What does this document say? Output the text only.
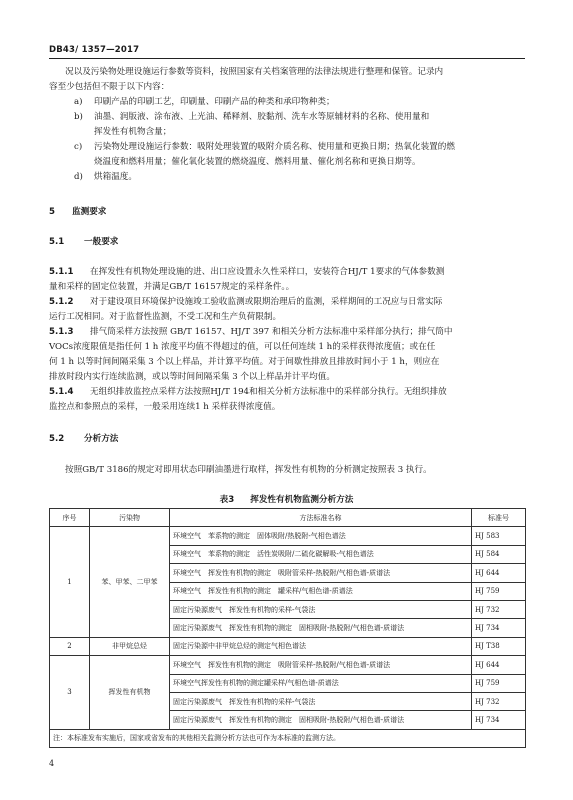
DB43/ 1357—2017
况以及污染物处理设施运行参数等资料，按照国家有关档案管理的法律法规进行整理和保管。记录内
容至少包括但不限于以下内容：
a) 印刷产品的印刷工艺，印刷量、印刷产品的种类和承印物种类；
b) 油墨、润版液、涂布液、上光油、稀释剂、胶黏剂、洗车水等原辅材料的名称、使用量和
挥发性有机物含量；
c) 污染物处理设施运行参数：吸附处理装置的吸附介质名称、使用量和更换日期；热氧化装置的燃
烧温度和燃料用量；催化氧化装置的燃烧温度、燃料用量、催化剂名称和更换日期等。
d) 烘箱温度。
5 监测要求
5.1 一般要求
5.1.1 在挥发性有机物处理设施的进、出口应设置永久性采样口，安装符合HJ/T 1要求的气体参数测
量和采样的固定位装置，并满足GB/T 16157规定的采样条件。。
5.1.2 对于建设项目环境保护设施竣工验收监测或限期治理后的监测，采样期间的工况应与日常实际
运行工况相同。对于监督性监测，不受工况和生产负荷限制。
5.1.3 排气筒采样方法按照 GB/T 16157、HJ/T 397 和相关分析方法标准中采样部分执行；排气筒中
VOCs浓度限值是指任何 1 h 浓度平均值不得超过的值，可以任何连续 1 h的采样获得浓度值；或在任
何 1 h 以等时间间隔采集 3 个以上样品，并计算平均值。对于间歇性排放且排放时间小于 1 h，则应在
排放时段内实行连续监测，或以等时间间隔采集 3 个以上样品并计平均值。
5.1.4 无组织排放监控点采样方法按照HJ/T 194和相关分析方法标准中的采样部分执行。无组织排放
监控点和参照点的采样，一般采用连续1 h 采样获得浓度值。
5.2 分析方法
按照GB/T 3186的规定对即用状态印刷油墨进行取样，挥发性有机物的分析测定按照表 3 执行。
表3 挥发性有机物监测分析方法
序号	污染物	方法标准名称	标准号
1	苯、甲苯、二甲苯	环境空气　苯系物的测定　固体吸附/热脱附-气相色谱法	HJ 583
		环境空气　苯系物的测定　活性炭吸附/二硫化碳解吸-气相色谱法	HJ 584
		环境空气　挥发性有机物的测定　吸附管采样-热脱附/气相色谱-质谱法	HJ 644
		环境空气　挥发性有机物的测定　罐采样/气相色谱-质谱法	HJ 759
		固定污染源废气　挥发性有机物的采样-气袋法	HJ 732
		固定污染源废气　挥发性有机物的测定　固相吸附-热脱附/气相色谱-质谱法	HJ 734
2	非甲烷总烃	固定污染源中非甲烷总烃的测定气相色谱法	HJ T38
3	挥发性有机物	环境空气　挥发性有机物的测定　吸附管采样-热脱附/气相色谱-质谱法	HJ 644
		环境空气挥发性有机物的测定罐采样/气相色谱-质谱法	HJ 759
		固定污染源废气　挥发性有机物的采样-气袋法	HJ 732
		固定污染源废气　挥发性有机物的测定　固相吸附-热脱附/气相色谱-质谱法	HJ 734
注：本标准发布实施后，国家或省发布的其他相关监测分析方法也可作为本标准的监测方法。			
4
